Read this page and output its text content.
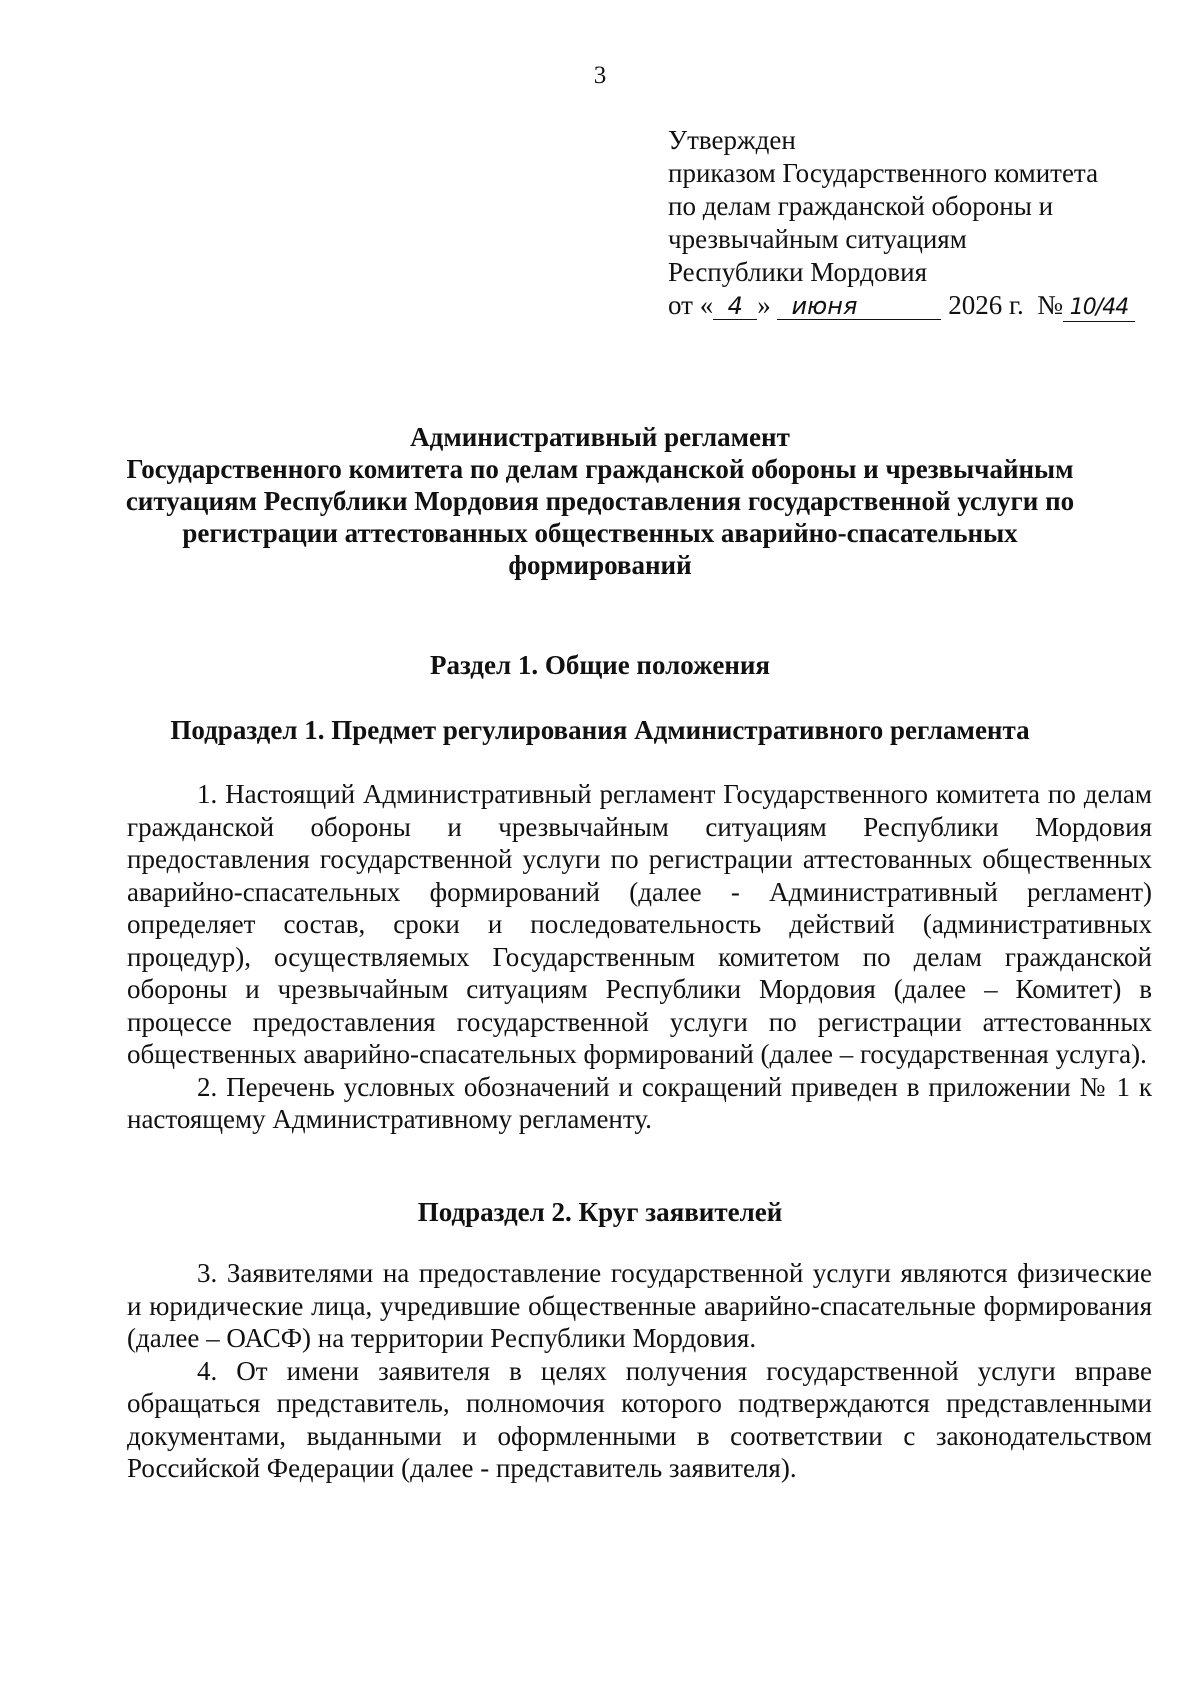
3
Утвержден
приказом Государственного комитета
по делам гражданской обороны и
чрезвычайным ситуациям
Республики Мордовия
от « 4 » июня	2026 г. № 10/44
Административный регламент
Государственного комитета по делам гражданской обороны и чрезвычайным
ситуациям Республики Мордовия предоставления государственной услуги по
регистрации аттестованных общественных аварийно-спасательных
формирований
Раздел 1. Общие положения
Подраздел 1. Предмет регулирования Административного регламента

1. Настоящий Административный регламент Государственного комитета по делам гражданской обороны и чрезвычайным ситуациям Республики Мордовия предоставления государственной услуги по регистрации аттестованных общественных аварийно-спасательных формирований (далее - Административный регламент) определяет состав, сроки и последовательность действий (административных процедур), осуществляемых Государственным комитетом по делам гражданской обороны и чрезвычайным ситуациям Республики Мордовия (далее – Комитет) в процессе предоставления государственной услуги по регистрации аттестованных общественных аварийно-спасательных формирований (далее – государственная услуга).

2. Перечень условных обозначений и сокращений приведен в приложении № 1 к настоящему Административному регламенту.

Подраздел 2. Круг заявителей

3. Заявителями на предоставление государственной услуги являются физические и юридические лица, учредившие общественные аварийно-спасательные формирования (далее – ОАСФ) на территории Республики Мордовия.

4. От имени заявителя в целях получения государственной услуги вправе обращаться представитель, полномочия которого подтверждаются представленными документами, выданными и оформленными в соответствии с законодательством Российской Федерации (далее - представитель заявителя).
